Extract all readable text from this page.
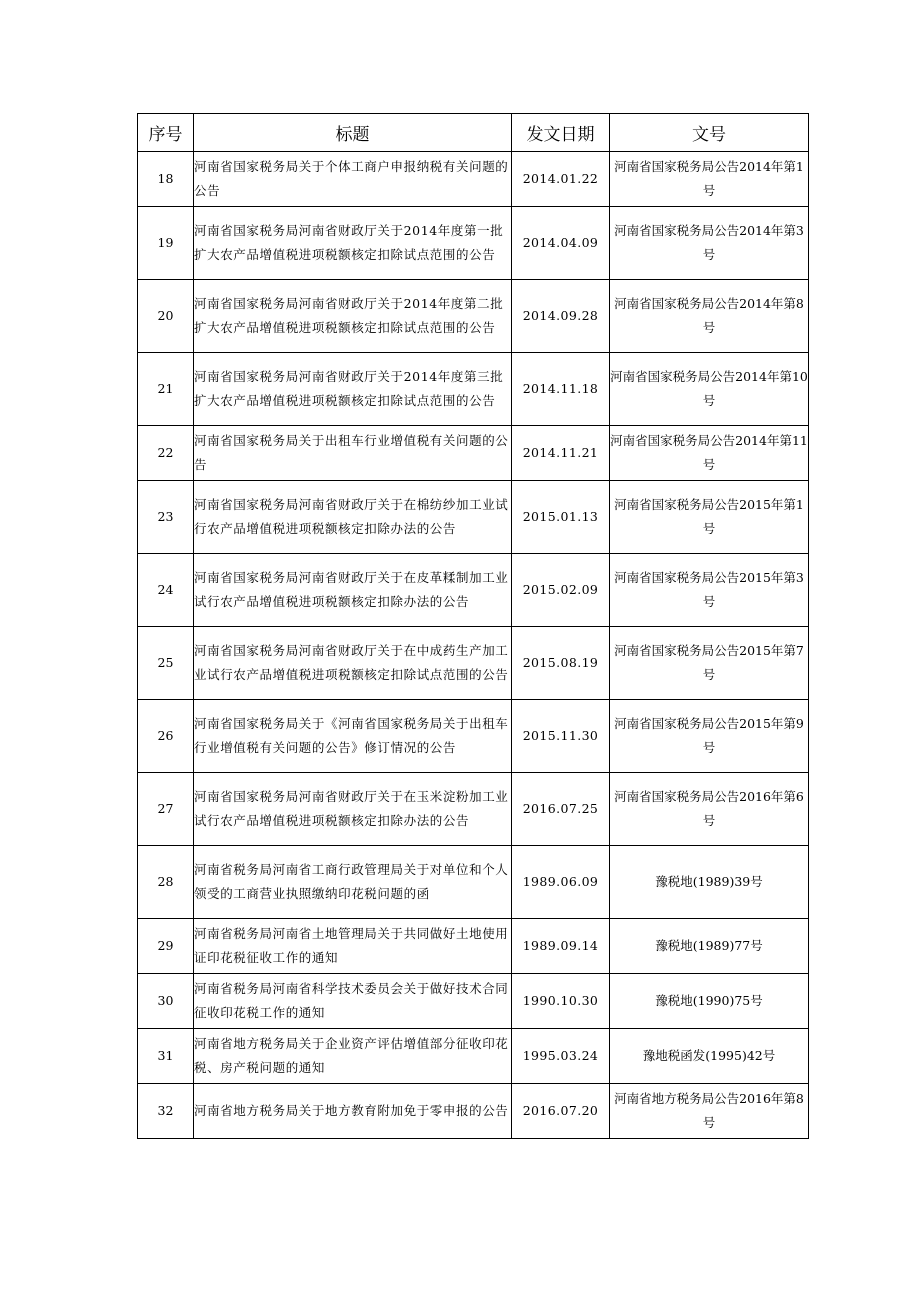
序号	标题	发文日期	文号
18	河南省国家税务局关于个体工商户申报纳税有关问题的公告	2014.01.22	河南省国家税务局公告2014年第1号
19	河南省国家税务局河南省财政厅关于2014年度第一批扩大农产品增值税进项税额核定扣除试点范围的公告	2014.04.09	河南省国家税务局公告2014年第3号
20	河南省国家税务局河南省财政厅关于2014年度第二批扩大农产品增值税进项税额核定扣除试点范围的公告	2014.09.28	河南省国家税务局公告2014年第8号
21	河南省国家税务局河南省财政厅关于2014年度第三批扩大农产品增值税进项税额核定扣除试点范围的公告	2014.11.18	河南省国家税务局公告2014年第10号
22	河南省国家税务局关于出租车行业增值税有关问题的公告	2014.11.21	河南省国家税务局公告2014年第11号
23	河南省国家税务局河南省财政厅关于在棉纺纱加工业试行农产品增值税进项税额核定扣除办法的公告	2015.01.13	河南省国家税务局公告2015年第1号
24	河南省国家税务局河南省财政厅关于在皮革糅制加工业试行农产品增值税进项税额核定扣除办法的公告	2015.02.09	河南省国家税务局公告2015年第3号
25	河南省国家税务局河南省财政厅关于在中成药生产加工业试行农产品增值税进项税额核定扣除试点范围的公告	2015.08.19	河南省国家税务局公告2015年第7号
26	河南省国家税务局关于《河南省国家税务局关于出租车行业增值税有关问题的公告》修订情况的公告	2015.11.30	河南省国家税务局公告2015年第9号
27	河南省国家税务局河南省财政厅关于在玉米淀粉加工业试行农产品增值税进项税额核定扣除办法的公告	2016.07.25	河南省国家税务局公告2016年第6号
28	河南省税务局河南省工商行政管理局关于对单位和个人领受的工商营业执照缴纳印花税问题的函	1989.06.09	豫税地(1989)39号
29	河南省税务局河南省土地管理局关于共同做好土地使用证印花税征收工作的通知	1989.09.14	豫税地(1989)77号
30	河南省税务局河南省科学技术委员会关于做好技术合同征收印花税工作的通知	1990.10.30	豫税地(1990)75号
31	河南省地方税务局关于企业资产评估增值部分征收印花税、房产税问题的通知	1995.03.24	豫地税函发(1995)42号
32	河南省地方税务局关于地方教育附加免于零申报的公告	2016.07.20	河南省地方税务局公告2016年第8号
